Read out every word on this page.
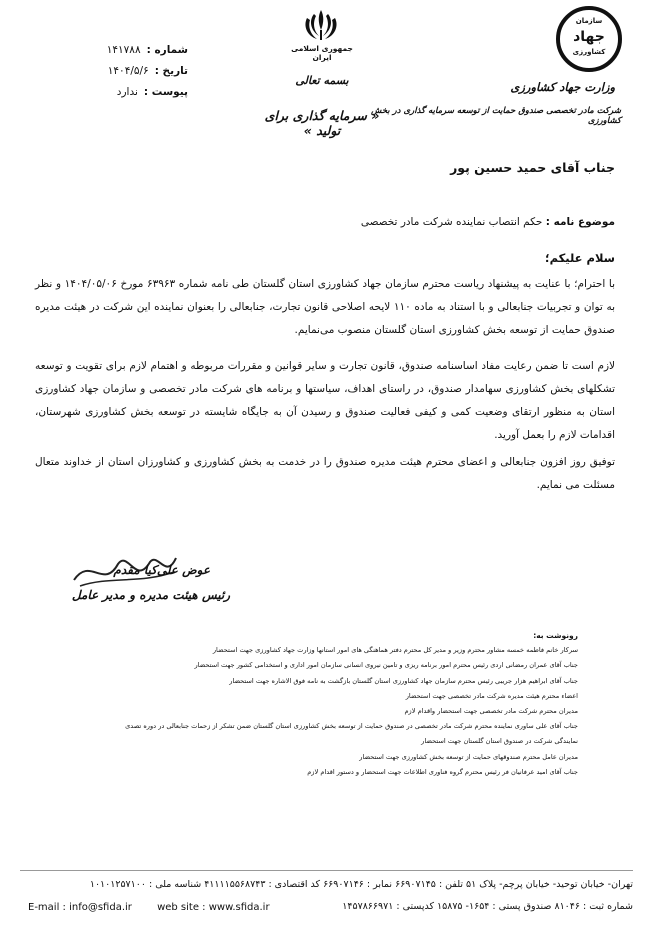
شماره :
۱۴۱۷۸۸
تاریخ :
۱۴۰۴/۵/۶
پیوست :
ندارد
جمهوری اسلامی ایران
بسمه تعالی
« سرمایه گذاری برای تولید »
سازمان
جهاد
کشاورزی
وزارت جهاد کشاورزی
شرکت مادر تخصصی صندوق حمایت از توسعه سرمایه گذاری در بخش کشاورزی
جناب آقای حمید حسین پور
موضوع نامه : حکم انتصاب نماینده شرکت مادر تخصصی
سلام علیکم؛
با احترام؛ با عنایت به پیشنهاد ریاست محترم سازمان جهاد کشاورزی استان گلستان طی نامه شماره ۶۳۹۶۳ مورخ ۱۴۰۴/۰۵/۰۶ و نظر به توان و تجربیات جنابعالی و با استناد به ماده ۱۱۰ لایحه اصلاحی قانون تجارت، جنابعالی را بعنوان نماینده این شرکت در هیئت مدیره صندوق حمایت از توسعه بخش کشاورزی استان گلستان منصوب می‌نمایم.
لازم است تا ضمن رعایت مفاد اساسنامه صندوق، قانون تجارت و سایر قوانین و مقررات مربوطه و اهتمام لازم برای تقویت و توسعه تشکلهای بخش کشاورزی سهامدار صندوق، در راستای اهداف، سیاستها و برنامه های شرکت مادر تخصصی و سازمان جهاد کشاورزی استان به منظور ارتقای وضعیت کمی و کیفی فعالیت صندوق و رسیدن آن به جایگاه شایسته در توسعه بخش کشاورزی شهرستان، اقدامات لازم را بعمل آورید.
توفیق روز افزون جنابعالی و اعضای محترم هیئت مدیره صندوق را در خدمت به بخش کشاورزی و کشاورزان استان از خداوند متعال مسئلت می نمایم.
عوض علی‌کیا مقدم
رئیس هیئت مدیره و مدیر عامل
رونوشت به:
سرکار خانم فاطمه خمسه مشاور محترم وزیر و مدیر کل محترم دفتر هماهنگی های امور استانها وزارت جهاد کشاورزی جهت استحضار
جناب آقای عمران رمضانی اردی رئیس محترم امور برنامه ریزی و تامین نیروی انسانی سازمان امور اداری و استخدامی کشور جهت استحضار
جناب آقای ابراهیم هزار جریبی رئیس محترم سازمان جهاد کشاورزی استان گلستان بازگشت به نامه فوق الاشاره جهت استحضار
اعضاء محترم هیئت مدیره شرکت مادر تخصصی جهت استحضار
مدیران محترم شرکت مادر تخصصی جهت استحضار واقدام لازم
جناب آقای علی ساوری نماینده محترم شرکت مادر تخصصی در صندوق حمایت از توسعه بخش کشاورزی استان گلستان ضمن تشکر از زحمات جنابعالی در دوره تصدی
نمایندگی شرکت در صندوق استان گلستان جهت استحضار
مدیران عامل محترم صندوقهای حمایت از توسعه بخش کشاورزی جهت استحضار
جناب آقای امید عرفانیان فر رئیس محترم گروه فناوری اطلاعات جهت استحضار و دستور اقدام لازم
تهران- خیابان توحید- خیابان پرچم- پلاک ۵۱ تلفن : ۶۶۹۰۷۱۴۵ نمابر : ۶۶۹۰۷۱۴۶ کد اقتصادی : ۴۱۱۱۱۵۵۶۸۷۴۳ شناسه ملی : ۱۰۱۰۱۲۵۷۱۰۰
شماره ثبت : ۸۱۰۴۶ صندوق پستی : ۱۶۵۴- ۱۵۸۷۵ کدپستی : ۱۴۵۷۸۶۶۹۷۱
E-mail : info@sfida.ir	web site : www.sfida.ir
